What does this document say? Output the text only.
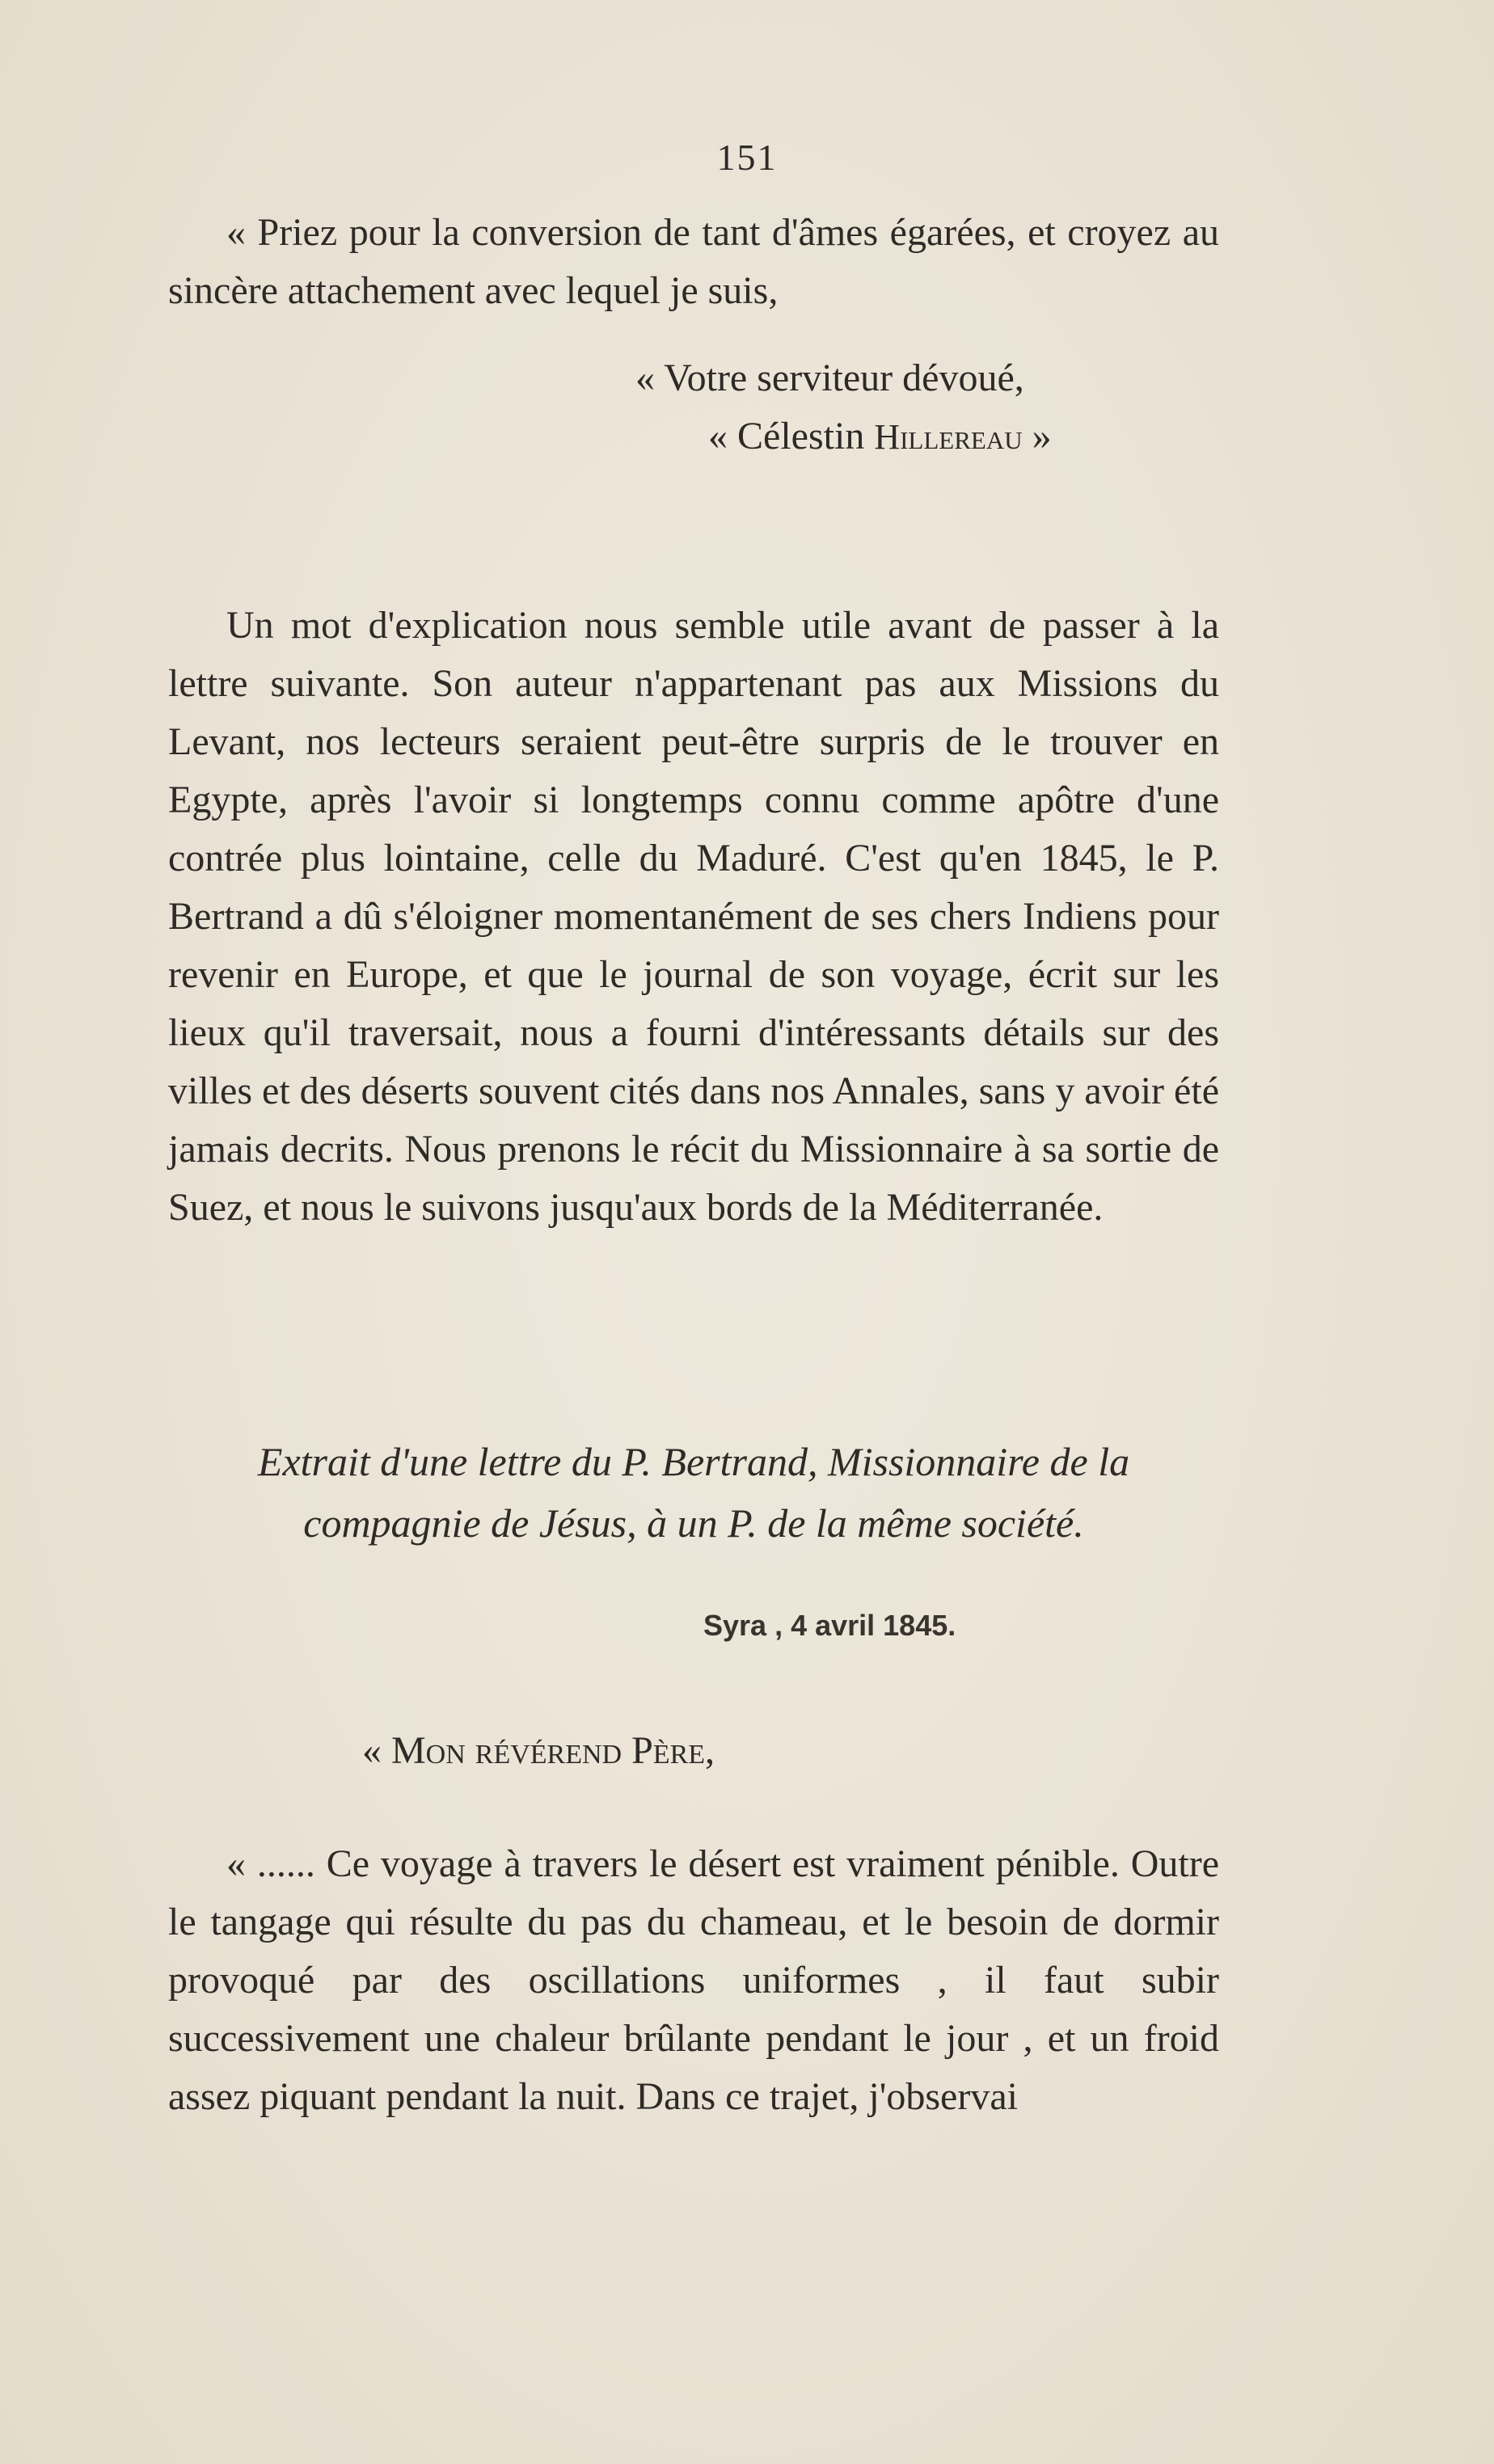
151

« Priez pour la conversion de tant d'âmes égarées, et croyez au sincère attachement avec lequel je suis,

« Votre serviteur dévoué,
« Célestin Hillereau »

Un mot d'explication nous semble utile avant de passer à la lettre suivante. Son auteur n'appartenant pas aux Missions du Levant, nos lecteurs seraient peut-être surpris de le trouver en Egypte, après l'avoir si longtemps connu comme apôtre d'une contrée plus lointaine, celle du Maduré. C'est qu'en 1845, le P. Bertrand a dû s'éloigner momentanément de ses chers Indiens pour revenir en Europe, et que le journal de son voyage, écrit sur les lieux qu'il traversait, nous a fourni d'intéressants détails sur des villes et des déserts souvent cités dans nos Annales, sans y avoir été jamais decrits. Nous prenons le récit du Missionnaire à sa sortie de Suez, et nous le suivons jusqu'aux bords de la Méditerranée.

Extrait d'une lettre du P. Bertrand, Missionnaire de la compagnie de Jésus, à un P. de la même société.
Syra , 4 avril 1845.
« Mon révérend Père,

« ...... Ce voyage à travers le désert est vraiment pénible. Outre le tangage qui résulte du pas du chameau, et le besoin de dormir provoqué par des oscillations uniformes , il faut subir successivement une chaleur brûlante pendant le jour , et un froid assez piquant pendant la nuit. Dans ce trajet, j'observai
